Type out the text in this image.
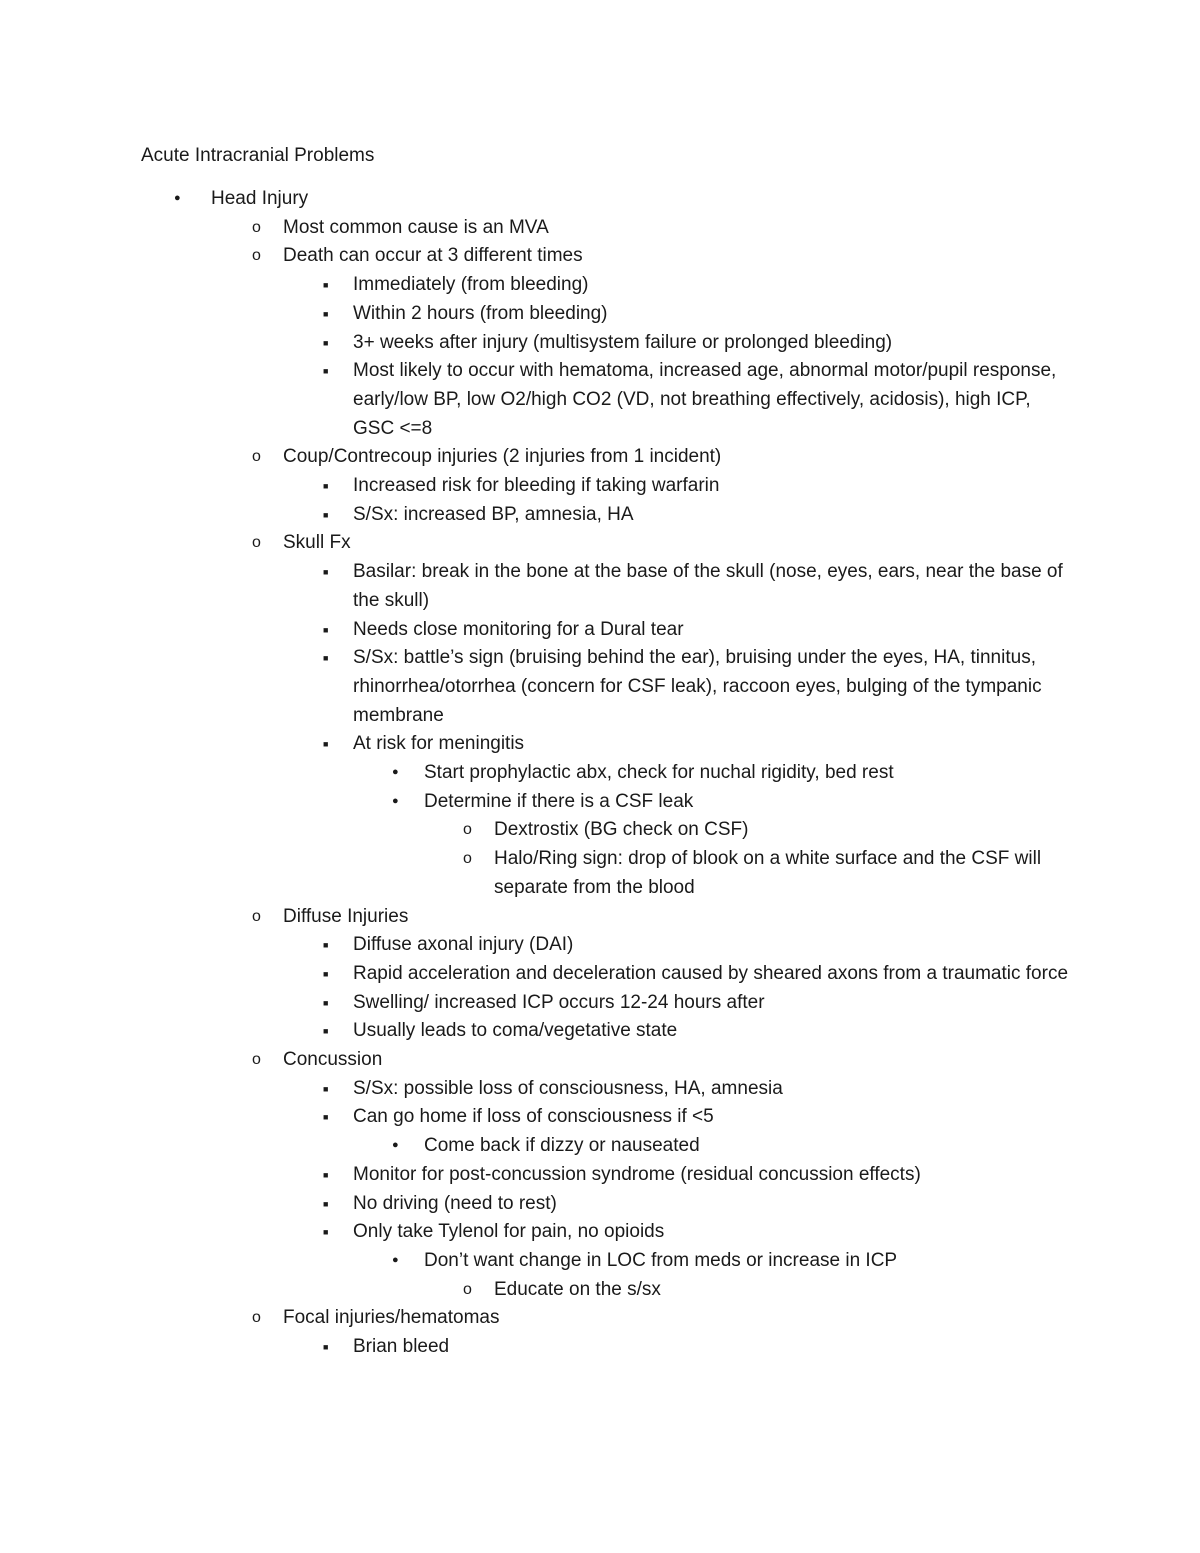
Acute Intracranial Problems
Head Injury
Most common cause is an MVA
Death can occur at 3 different times
Immediately (from bleeding)
Within 2 hours (from bleeding)
3+ weeks after injury (multisystem failure or prolonged bleeding)
Most likely to occur with hematoma, increased age, abnormal motor/pupil response, early/low BP, low O2/high CO2 (VD, not breathing effectively, acidosis), high ICP, GSC <=8
Coup/Contrecoup injuries (2 injuries from 1 incident)
Increased risk for bleeding if taking warfarin
S/Sx: increased BP, amnesia, HA
Skull Fx
Basilar: break in the bone at the base of the skull (nose, eyes, ears, near the base of the skull)
Needs close monitoring for a Dural tear
S/Sx: battle’s sign (bruising behind the ear), bruising under the eyes, HA, tinnitus, rhinorrhea/otorrhea (concern for CSF leak), raccoon eyes, bulging of the tympanic membrane
At risk for meningitis
Start prophylactic abx, check for nuchal rigidity, bed rest
Determine if there is a CSF leak
Dextrostix (BG check on CSF)
Halo/Ring sign: drop of blook on a white surface and the CSF will separate from the blood
Diffuse Injuries
Diffuse axonal injury (DAI)
Rapid acceleration and deceleration caused by sheared axons from a traumatic force
Swelling/ increased ICP occurs 12-24 hours after
Usually leads to coma/vegetative state
Concussion
S/Sx: possible loss of consciousness, HA, amnesia
Can go home if loss of consciousness if <5
Come back if dizzy or nauseated
Monitor for post-concussion syndrome (residual concussion effects)
No driving (need to rest)
Only take Tylenol for pain, no opioids
Don’t want change in LOC from meds or increase in ICP
Educate on the s/sx
Focal injuries/hematomas
Brian bleed
